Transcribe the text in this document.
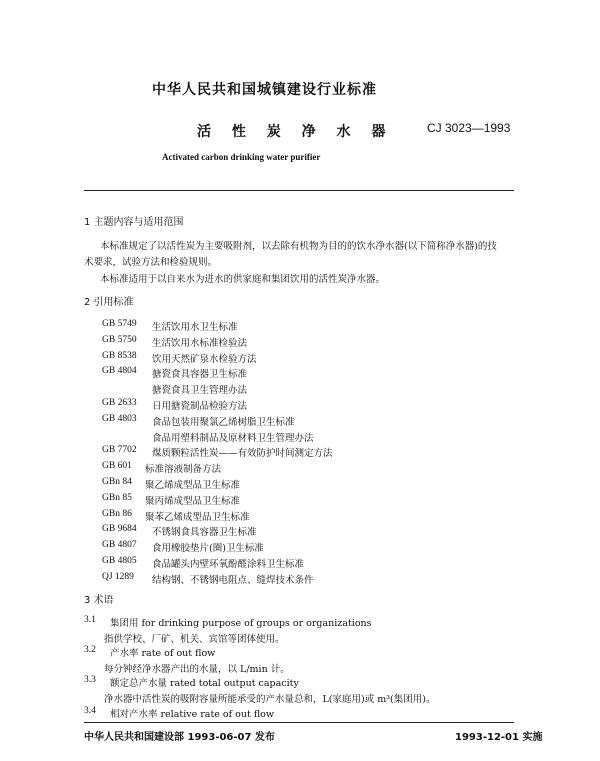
中华人民共和国城镇建设行业标准
活 性 炭 净 水 器	CJ 3023—1993
Activated carbon drinking water purifier
1 主题内容与适用范围
本标准规定了以活性炭为主要吸附剂，以去除有机物为目的的饮水净水器(以下简称净水器)的技
术要求，试验方法和检验规则。
本标准适用于以自来水为进水的供家庭和集团饮用的活性炭净水器。
2 引用标准
GB 5749 生活饮用水卫生标准
GB 5750 生活饮用水标准检验法
GB 8538 饮用天然矿泉水检验方法
GB 4804 搪瓷食具容器卫生标准
搪瓷食具卫生管理办法
GB 2633 日用搪瓷制品检验方法
GB 4803 食品包装用聚氯乙烯树脂卫生标准
食品用塑料制品及原材料卫生管理办法
GB 7702 煤质颗粒活性炭——有效防护时间测定方法
GB 601 标准溶液制备方法
GBn 84 聚乙烯成型品卫生标准
GBn 85 聚丙烯成型品卫生标准
GBn 86 聚苯乙烯成型品卫生标准
GB 9684 不锈钢食具容器卫生标准
GB 4807 食用橡胶垫片(圈)卫生标准
GB 4805 食品罐头内壁环氧酚醛涂料卫生标准
QJ 1289 结构钢、不锈钢电阻点、缝焊技术条件
3 术语
3.1 集团用 for drinking purpose of groups or organizations
指供学校、厂矿、机关、宾馆等团体使用。
3.2 产水率 rate of out flow
每分钟经净水器产出的水量，以 L/min 计。
3.3 额定总产水量 rated total output capacity
净水器中活性炭的吸附容量所能承受的产水量总和，L(家庭用)或 m³(集团用)。
3.4 相对产水率 relative rate of out flow
中华人民共和国建设部 1993-06-07 发布	1993-12-01 实施
